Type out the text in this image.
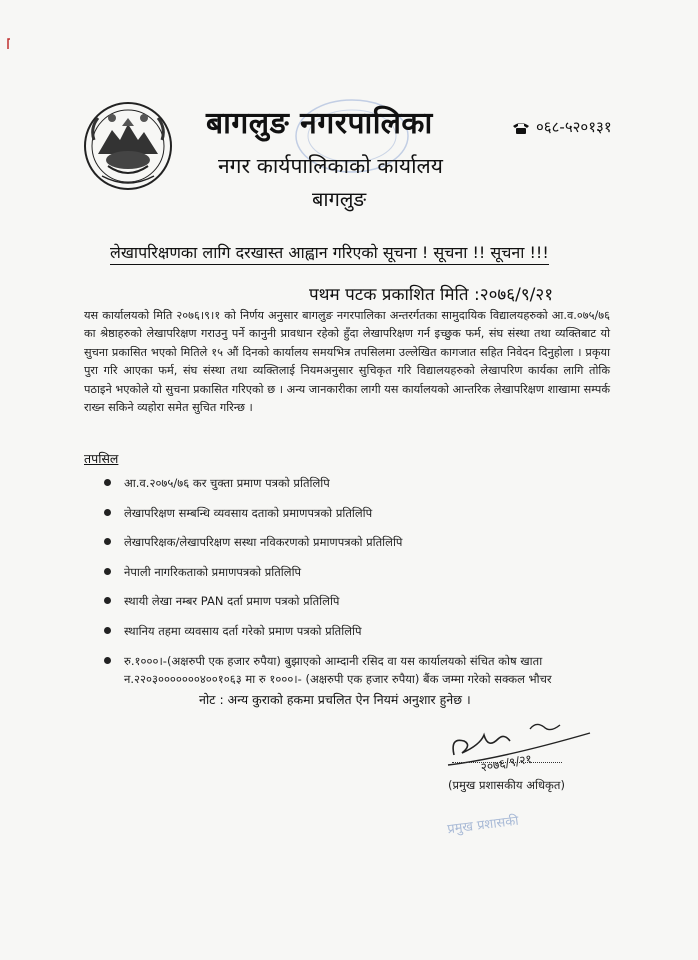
बागलुङ नगरपालिका
नगर कार्यपालिकाको कार्यालय
बागलुङ
०६८-५२०१३१
लेखापरिक्षणका लागि दरखास्त आह्वान गरिएको सूचना ! सूचना !! सूचना !!!
पथम पटक प्रकाशित मिति :२०७६/९/२१
यस कार्यालयको मिति २०७६।९।१ को निर्णय अनुसार बागलुङ नगरपालिका अन्तरर्गतका सामुदायिक विद्यालयहरुको आ.व.०७५/७६ का श्रेष्ठाहरुको लेखापरिक्षण गराउनु पर्ने कानुनी प्रावधान रहेको हुँदा लेखापरिक्षण गर्न इच्छुक फर्म, संघ संस्था तथा व्यक्तिबाट यो सुचना प्रकासित भएको मितिले १५ औं दिनको कार्यालय समयभित्र तपसिलमा उल्लेखित कागजात सहित निवेदन दिनुहोला । प्रकृया पुरा गरि आएका फर्म, संघ संस्था तथा व्यक्तिलाई नियमअनुसार सुचिकृत गरि विद्यालयहरुको लेखापरिण कार्यका लागि तोकि पठाइने भएकोले यो सुचना प्रकासित गरिएको छ । अन्य जानकारीका लागी यस कार्यालयको आन्तरिक लेखापरिक्षण शाखामा सम्पर्क राख्न सकिने व्यहोरा समेत सुचित गरिन्छ ।
तपसिल
आ.व.२०७५/७६ कर चुक्ता प्रमाण पत्रको प्रतिलिपि
लेखापरिक्षण सम्बन्धि व्यवसाय दताको प्रमाणपत्रको प्रतिलिपि
लेखापरिक्षक/लेखापरिक्षण सस्था नविकरणको प्रमाणपत्रको प्रतिलिपि
नेपाली नागरिकताको प्रमाणपत्रको प्रतिलिपि
स्थायी लेखा नम्बर PAN दर्ता प्रमाण पत्रको प्रतिलिपि
स्थानिय तहमा व्यवसाय दर्ता गरेको प्रमाण पत्रको प्रतिलिपि
रु.१०००।-(अक्षरुपी एक हजार रुपैया) बुझाएको आम्दानी रसिद वा यस कार्यालयको संचित कोष खाता न.२२०३०००००००४००१०६३ मा रु १०००।- (अक्षरुपी एक हजार रुपैया) बैंक जम्मा गरेको सक्कल भौचर
नोट : अन्य कुराको हकमा प्रचलित ऐन नियमं अनुशार हुनेछ ।
२०७६/९/२१
(प्रमुख प्रशासकीय अधिकृत)
प्रमुख प्रशासकी
